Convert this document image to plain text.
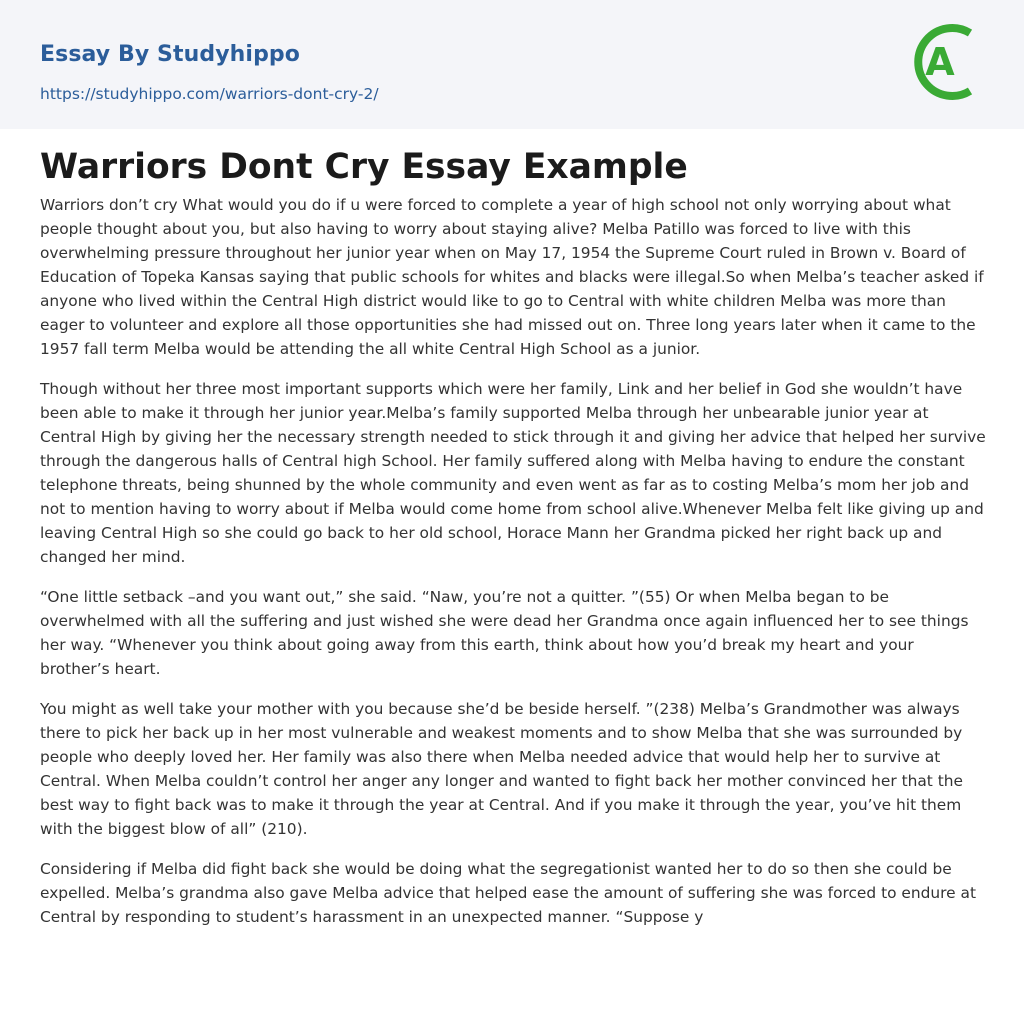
Essay By Studyhippo
https://studyhippo.com/warriors-dont-cry-2/
A
Warriors Dont Cry Essay Example

Warriors don’t cry What would you do if u were forced to complete a year of high school not only worrying about what people thought about you, but also having to worry about staying alive? Melba Patillo was forced to live with this overwhelming pressure throughout her junior year when on May 17, 1954 the Supreme Court ruled in Brown v. Board of Education of Topeka Kansas saying that public schools for whites and blacks were illegal.So when Melba’s teacher asked if anyone who lived within the Central High district would like to go to Central with white children Melba was more than eager to volunteer and explore all those opportunities she had missed out on. Three long years later when it came to the 1957 fall term Melba would be attending the all white Central High School as a junior.

Though without her three most important supports which were her family, Link and her belief in God she wouldn’t have been able to make it through her junior year.Melba’s family supported Melba through her unbearable junior year at Central High by giving her the necessary strength needed to stick through it and giving her advice that helped her survive through the dangerous halls of Central high School. Her family suffered along with Melba having to endure the constant telephone threats, being shunned by the whole community and even went as far as to costing Melba’s mom her job and not to mention having to worry about if Melba would come home from school alive.Whenever Melba felt like giving up and leaving Central High so she could go back to her old school, Horace Mann her Grandma picked her right back up and changed her mind.

“One little setback –and you want out,” she said. “Naw, you’re not a quitter. ”(55) Or when Melba began to be overwhelmed with all the suffering and just wished she were dead her Grandma once again influenced her to see things her way. “Whenever you think about going away from this earth, think about how you’d break my heart and your brother’s heart.

You might as well take your mother with you because she’d be beside herself. ”(238) Melba’s Grandmother was always there to pick her back up in her most vulnerable and weakest moments and to show Melba that she was surrounded by people who deeply loved her. Her family was also there when Melba needed advice that would help her to survive at Central. When Melba couldn’t control her anger any longer and wanted to fight back her mother convinced her that the best way to fight back was to make it through the year at Central. And if you make it through the year, you’ve hit them with the biggest blow of all” (210).

Considering if Melba did fight back she would be doing what the segregationist wanted her to do so then she could be expelled. Melba’s grandma also gave Melba advice that helped ease the amount of suffering she was forced to endure at Central by responding to student’s harassment in an unexpected manner. “Suppose y
